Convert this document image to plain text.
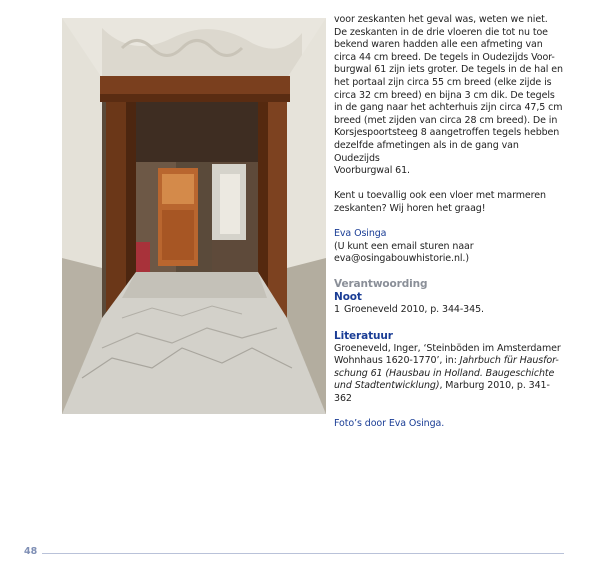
voor zeskanten het geval was, weten we niet.

De zeskanten in de drie vloeren die tot nu toe

bekend waren hadden alle een afmeting van

circa 44 cm breed. De tegels in Oudezijds Voor-

burgwal 61 zijn iets groter. De tegels in de hal en

het portaal zijn circa 55 cm breed (elke zijde is

circa 32 cm breed) en bijna 3 cm dik. De tegels

in de gang naar het achterhuis zijn circa 47,5 cm

breed (met zijden van circa 28 cm breed). De in

Korsjespoortsteeg 8 aangetroffen tegels hebben

dezelfde afmetingen als in de gang van Oudezijds

Voorburgwal 61.

Kent u toevallig ook een vloer met marmeren

zeskanten? Wij horen het graag!

Eva Osinga

(U kunt een email sturen naar

eva@osingabouwhistorie.nl.)

Verantwoording

Noot

1 Groeneveld 2010, p. 344-345.

Literatuur

Groeneveld, Inger, ‘Steinböden im Amsterdamer

Wohnhaus 1620-1770’, in: Jahrbuch für Hausfor-

schung 61 (Hausbau in Holland. Baugeschichte

und Stadtentwicklung), Marburg 2010, p. 341-362

Foto’s door Eva Osinga.

48
